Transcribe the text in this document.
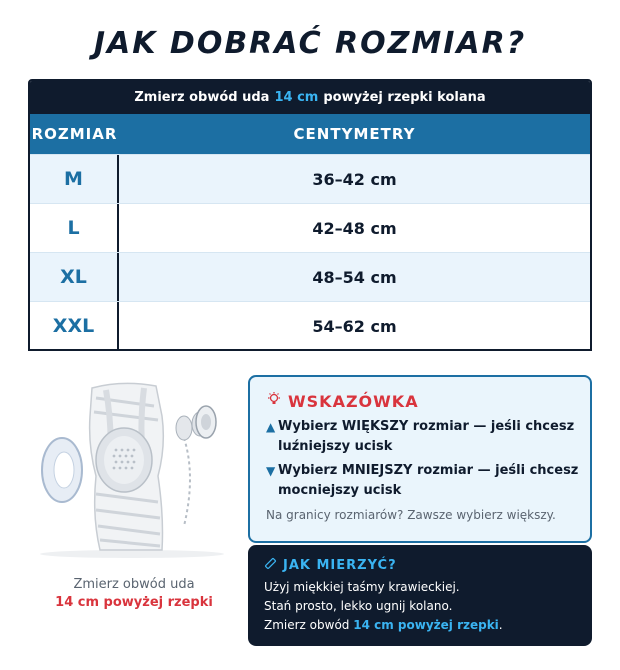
JAK DOBRAĆ ROZMIAR?
Zmierz obwód uda 14 cm powyżej rzepki kolana
ROZMIAR	CENTYMETRY
M	36–42 cm
L	42–48 cm
XL	48–54 cm
XXL	54–62 cm
Zmierz obwód uda
14 cm powyżej rzepki
WSKAZÓWKA
▲ Wybierz WIĘKSZY rozmiar — jeśli chcesz luźniejszy ucisk
▼ Wybierz MNIEJSZY rozmiar — jeśli chcesz mocniejszy ucisk
Na granicy rozmiarów? Zawsze wybierz większy.
JAK MIERZYĆ?
Użyj miękkiej taśmy krawieckiej.
Stań prosto, lekko ugnij kolano.
Zmierz obwód 14 cm powyżej rzepki.
